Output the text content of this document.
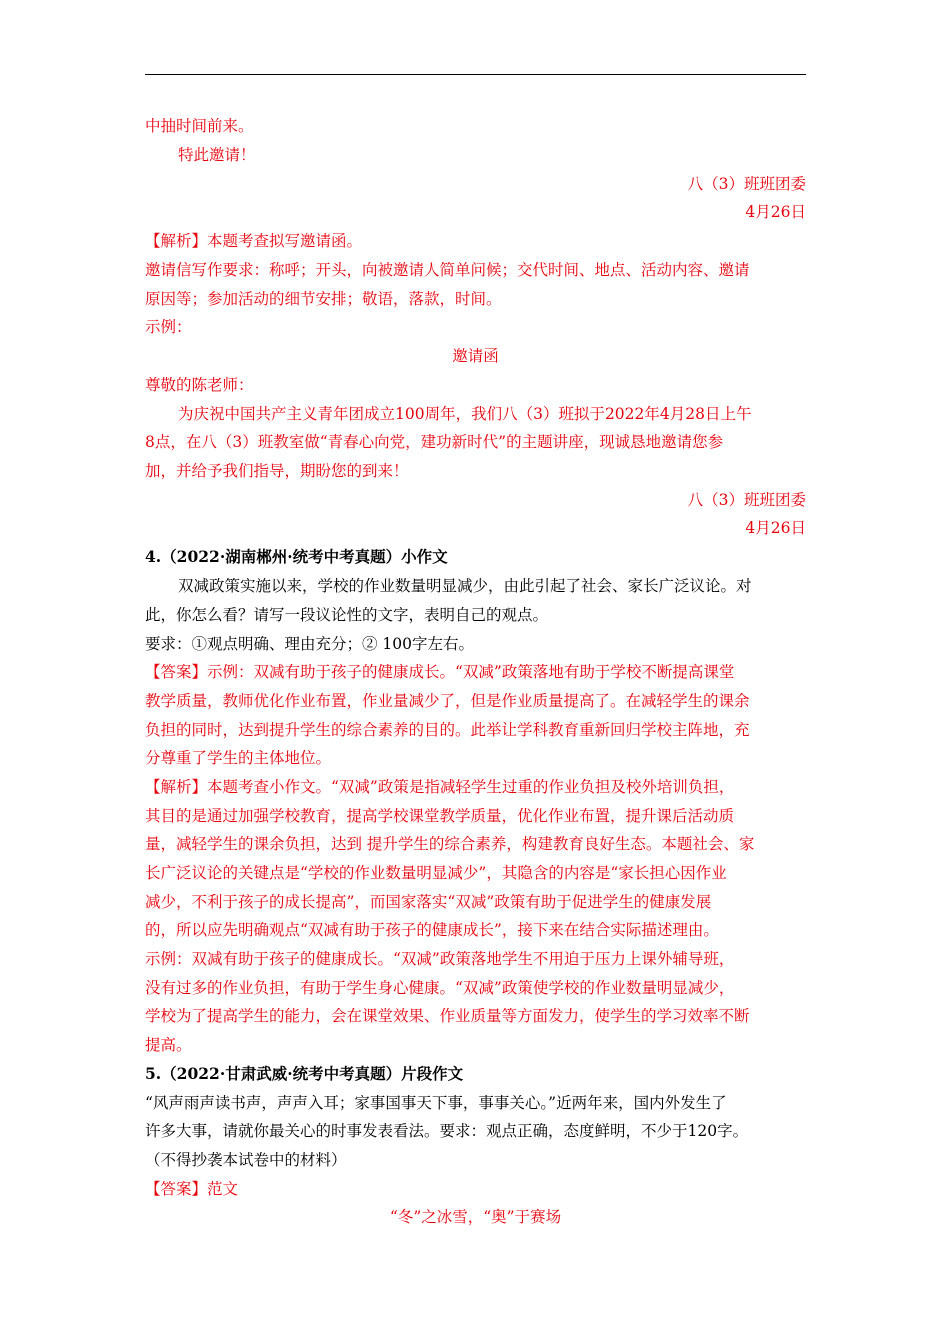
中抽时间前来。
特此邀请！
八（3）班班团委
4月26日
【解析】本题考查拟写邀请函。
邀请信写作要求：称呼；开头，向被邀请人简单问候；交代时间、地点、活动内容、邀请
原因等；参加活动的细节安排；敬语，落款，时间。
示例：
邀请函
尊敬的陈老师：
为庆祝中国共产主义青年团成立100周年，我们八（3）班拟于2022年4月28日上午
8点，在八（3）班教室做“青春心向党，建功新时代”的主题讲座，现诚恳地邀请您参
加，并给予我们指导，期盼您的到来！
八（3）班班团委
4月26日
4.（2022·湖南郴州·统考中考真题）小作文
双减政策实施以来，学校的作业数量明显减少，由此引起了社会、家长广泛议论。对
此，你怎么看？请写一段议论性的文字，表明自己的观点。
要求：①观点明确、理由充分；② 100字左右。
【答案】示例：双减有助于孩子的健康成长。“双减”政策落地有助于学校不断提高课堂
教学质量，教师优化作业布置，作业量减少了，但是作业质量提高了。在减轻学生的课余
负担的同时，达到提升学生的综合素养的目的。此举让学科教育重新回归学校主阵地，充
分尊重了学生的主体地位。
【解析】本题考查小作文。“双减”政策是指减轻学生过重的作业负担及校外培训负担，
其目的是通过加强学校教育，提高学校课堂教学质量，优化作业布置，提升课后活动质
量，减轻学生的课余负担，达到 提升学生的综合素养，构建教育良好生态。本题社会、家
长广泛议论的关键点是“学校的作业数量明显减少”，其隐含的内容是“家长担心因作业
减少，不利于孩子的成长提高”，而国家落实“双减”政策有助于促进学生的健康发展
的，所以应先明确观点“双减有助于孩子的健康成长”，接下来在结合实际描述理由。
示例：双减有助于孩子的健康成长。“双减”政策落地学生不用迫于压力上课外辅导班，
没有过多的作业负担，有助于学生身心健康。“双减”政策使学校的作业数量明显减少，
学校为了提高学生的能力，会在课堂效果、作业质量等方面发力，使学生的学习效率不断
提高。
5.（2022·甘肃武威·统考中考真题）片段作文
“风声雨声读书声，声声入耳；家事国事天下事，事事关心。”近两年来，国内外发生了
许多大事，请就你最关心的时事发表看法。要求：观点正确，态度鲜明，不少于120字。
（不得抄袭本试卷中的材料）
【答案】范文
“冬”之冰雪，“奥”于赛场
